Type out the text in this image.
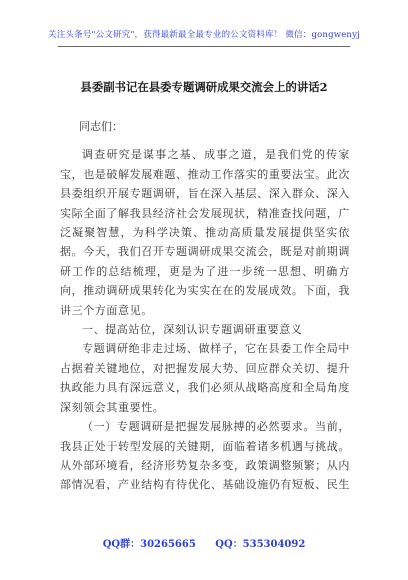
关注头条号"公文研究"，获得最新最全最专业的公文资料库！ 微信：gongwenyj
县委副书记在县委专题调研成果交流会上的讲话2

同志们：

调查研究是谋事之基、成事之道，是我们党的传家宝，也是破解发展难题、推动工作落实的重要法宝。此次县委组织开展专题调研，旨在深入基层、深入群众、深入实际全面了解我县经济社会发展现状，精准查找问题，广泛凝聚智慧，为科学决策、推动高质量发展提供坚实依据。今天，我们召开专题调研成果交流会，既是对前期调研工作的总结梳理，更是为了进一步统一思想、明确方向，推动调研成果转化为实实在在的发展成效。下面，我讲三个方面意见。

一、提高站位，深刻认识专题调研重要意义

专题调研绝非走过场、做样子，它在县委工作全局中占据着关键地位，对把握发展大势、回应群众关切、提升执政能力具有深远意义，我们必须从战略高度和全局角度深刻领会其重要性。

（一）专题调研是把握发展脉搏的必然要求。当前，我县正处于转型发展的关键期，面临着诸多机遇与挑战。从外部环境看，经济形势复杂多变，政策调整频繁；从内部情况看，产业结构有待优化、基础设施仍有短板、民生

QQ群：30265665 QQ：535304092
